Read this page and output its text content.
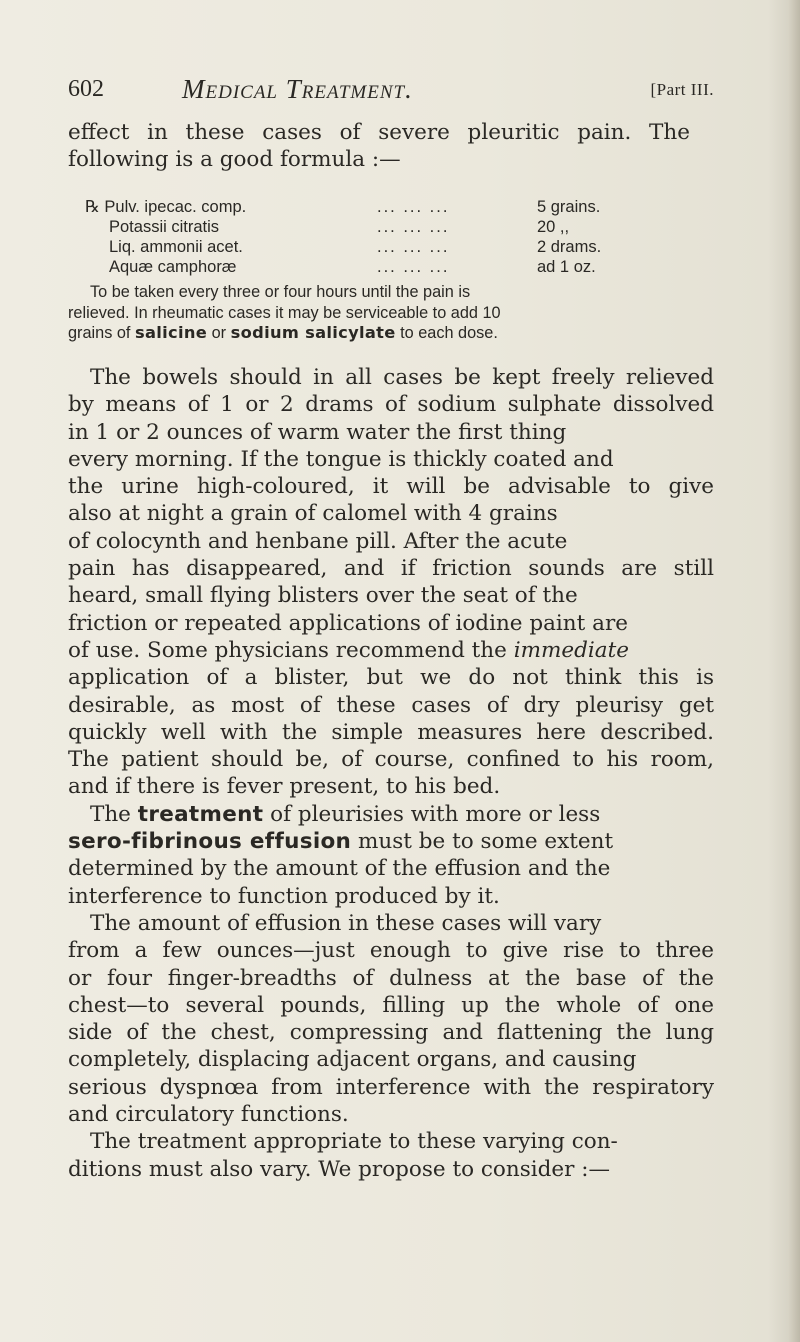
602	Medical Treatment.	[Part III.
effect in these cases of severe pleuritic pain. The
following is a good formula :—
℞ Pulv. ipecac. comp.	... ... ...	5 grains.
Potassii citratis	... ... ...	20 ,,
Liq. ammonii acet.	... ... ...	2 drams.
Aquæ camphoræ	... ... ...	ad 1 oz.
To be taken every three or four hours until the pain is
relieved. In rheumatic cases it may be serviceable to add 10
grains of salicine or sodium salicylate to each dose.
The bowels should in all cases be kept freely relieved
by means of 1 or 2 drams of sodium sulphate dissolved
in 1 or 2 ounces of warm water the first thing
every morning. If the tongue is thickly coated and
the urine high-coloured, it will be advisable to give
also at night a grain of calomel with 4 grains
of colocynth and henbane pill. After the acute
pain has disappeared, and if friction sounds are still
heard, small flying blisters over the seat of the
friction or repeated applications of iodine paint are
of use. Some physicians recommend the immediate
application of a blister, but we do not think this is
desirable, as most of these cases of dry pleurisy get
quickly well with the simple measures here described.
The patient should be, of course, confined to his room,
and if there is fever present, to his bed.
The treatment of pleurisies with more or less
sero-fibrinous effusion must be to some extent
determined by the amount of the effusion and the
interference to function produced by it.
The amount of effusion in these cases will vary
from a few ounces—just enough to give rise to three
or four finger-breadths of dulness at the base of the
chest—to several pounds, filling up the whole of one
side of the chest, compressing and flattening the lung
completely, displacing adjacent organs, and causing
serious dyspnœa from interference with the respiratory
and circulatory functions.
The treatment appropriate to these varying con-
ditions must also vary. We propose to consider :—
